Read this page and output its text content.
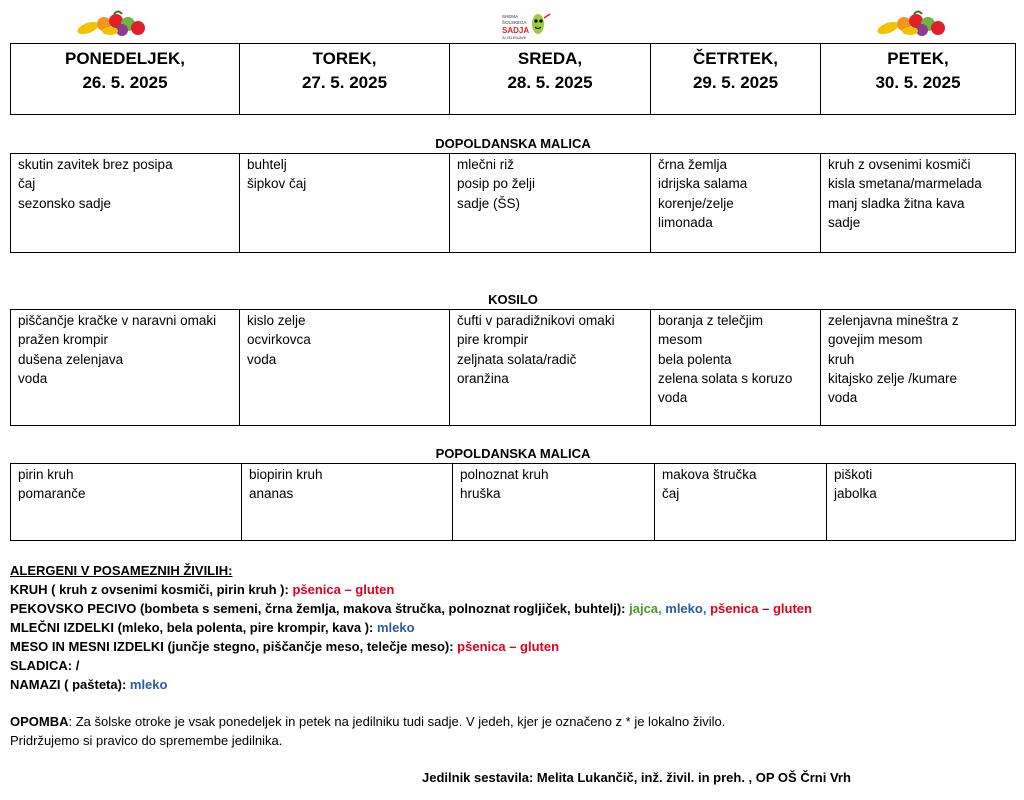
SHEMA
ŠOLSKEGA
SADJA
IN ZELENJAVE
PONEDELJEK,
26. 5. 2025
TOREK,
27. 5. 2025
SREDA,
28. 5. 2025
ČETRTEK,
29. 5. 2025
PETEK,
30. 5. 2025
DOPOLDANSKA MALICA
skutin zavitek brez posipa
čaj
sezonsko sadje
buhtelj
šipkov čaj
mlečni riž
posip po želji
sadje (ŠS)
črna žemlja
idrijska salama
korenje/zelje
limonada
kruh z ovsenimi kosmiči
kisla smetana/marmelada
manj sladka žitna kava
sadje
KOSILO
piščančje kračke v naravni omaki
pražen krompir
dušena zelenjava
voda
kislo zelje
ocvirkovca
voda
čufti v paradižnikovi omaki
pire krompir
zeljnata solata/radič
oranžina
boranja z telečjim
mesom
bela polenta
zelena solata s koruzo
voda
zelenjavna mineštra z
govejim mesom
kruh
kitajsko zelje /kumare
voda
POPOLDANSKA MALICA
pirin kruh
pomaranče
biopirin kruh
ananas
polnoznat kruh
hruška
makova štručka
čaj
piškoti
jabolka
ALERGENI V POSAMEZNIH ŽIVILIH:
KRUH ( kruh z ovsenimi kosmiči, pirin kruh ): pšenica – gluten
PEKOVSKO PECIVO (bombeta s semeni, črna žemlja, makova štručka, polnoznat rogljiček, buhtelj): jajca, mleko, pšenica – gluten
MLEČNI IZDELKI (mleko, bela polenta, pire krompir, kava ): mleko
MESO IN MESNI IZDELKI (junčje stegno, piščančje meso, telečje meso): pšenica – gluten
SLADICA: /
NAMAZI ( pašteta): mleko
OPOMBA: Za šolske otroke je vsak ponedeljek in petek na jedilniku tudi sadje. V jedeh, kjer je označeno z * je lokalno živilo.
Pridržujemo si pravico do spremembe jedilnika.
Jedilnik sestavila: Melita Lukančič, inž. živil. in preh. , OP OŠ Črni Vrh
